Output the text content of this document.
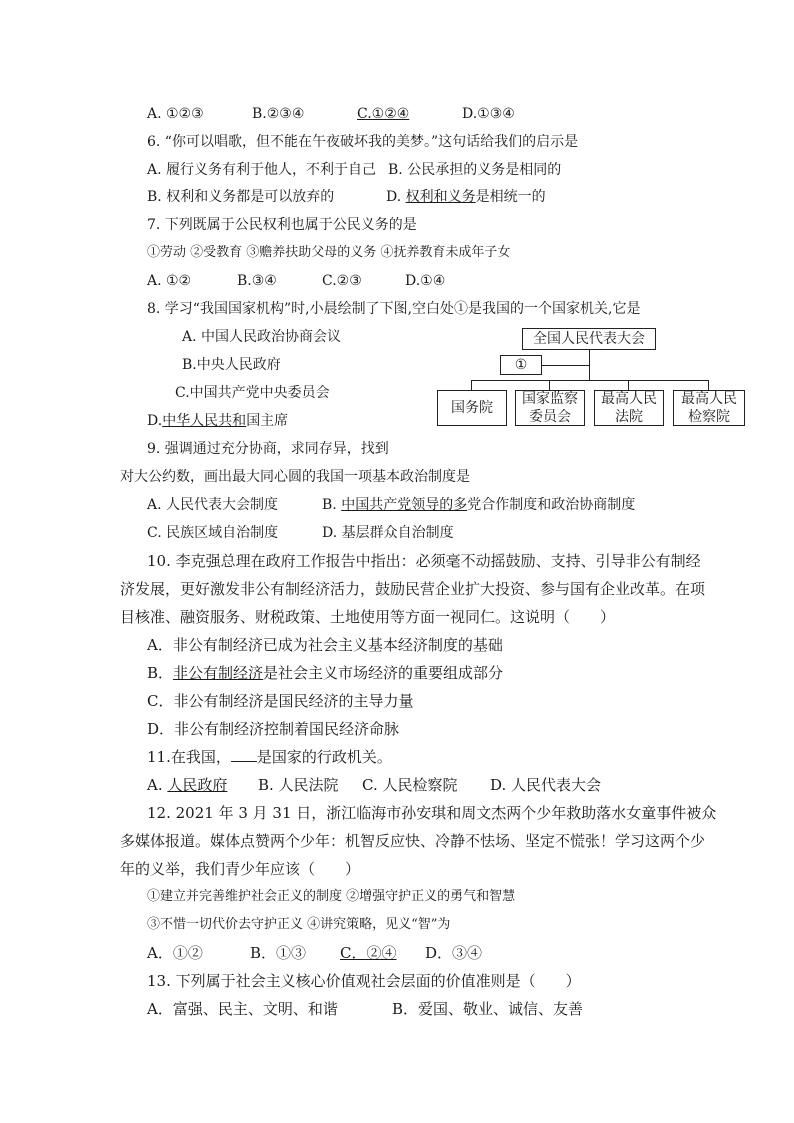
A. ①②③	B.②③④	C.①②④	D.①③④
6. “你可以唱歌，但不能在午夜破坏我的美梦。”这句话给我们的启示是
A. 履行义务有利于他人，不利于自己 B. 公民承担的义务是相同的
B. 权利和义务都是可以放弃的	D. 权利和义务是相统一的
7. 下列既属于公民权利也属于公民义务的是
①劳动 ②受教育 ③赡养扶助父母的义务 ④抚养教育未成年子女
A. ①②	B.③④	C.②③	D.①④
8. 学习“我国国家机构”时,小晨绘制了下图,空白处①是我国的一个国家机关,它是
A. 中国人民政治协商会议
B.中央人民政府
C.中国共产党中央委员会
D.中华人民共和国主席
全国人民代表大会
①
国务院
国家监察
委员会
最高人民
法院
最高人民
检察院
9. 强调通过充分协商，求同存异，找到
对大公约数，画出最大同心圆的我国一项基本政治制度是
A. 人民代表大会制度	B. 中国共产党领导的多党合作制度和政治协商制度
C. 民族区域自治制度	D. 基层群众自治制度
10. 李克强总理在政府工作报告中指出：必须毫不动摇鼓励、支持、引导非公有制经
济发展，更好激发非公有制经济活力，鼓励民营企业扩大投资、参与国有企业改革。在项
目核准、融资服务、财税政策、土地使用等方面一视同仁。这说明（　　）
A．非公有制经济已成为社会主义基本经济制度的基础
B．非公有制经济是社会主义市场经济的重要组成部分
C．非公有制经济是国民经济的主导力量
D．非公有制经济控制着国民经济命脉
11.在我国， 是国家的行政机关。
A. 人民政府 B. 人民法院 C. 人民检察院 D. 人民代表大会
12. 2021 年 3 月 31 日，浙江临海市孙安琪和周文杰两个少年救助落水女童事件被众
多媒体报道。媒体点赞两个少年：机智反应快、冷静不怯场、坚定不慌张！学习这两个少
年的义举，我们青少年应该（　　）
①建立并完善维护社会正义的制度 ②增强守护正义的勇气和智慧
③不惜一切代价去守护正义 ④讲究策略，见义“智”为
A．①②	B．①③ C．②④ D．③④
13. 下列属于社会主义核心价值观社会层面的价值准则是（　　）
A．富强、民主、文明、和谐	B．爱国、敬业、诚信、友善
